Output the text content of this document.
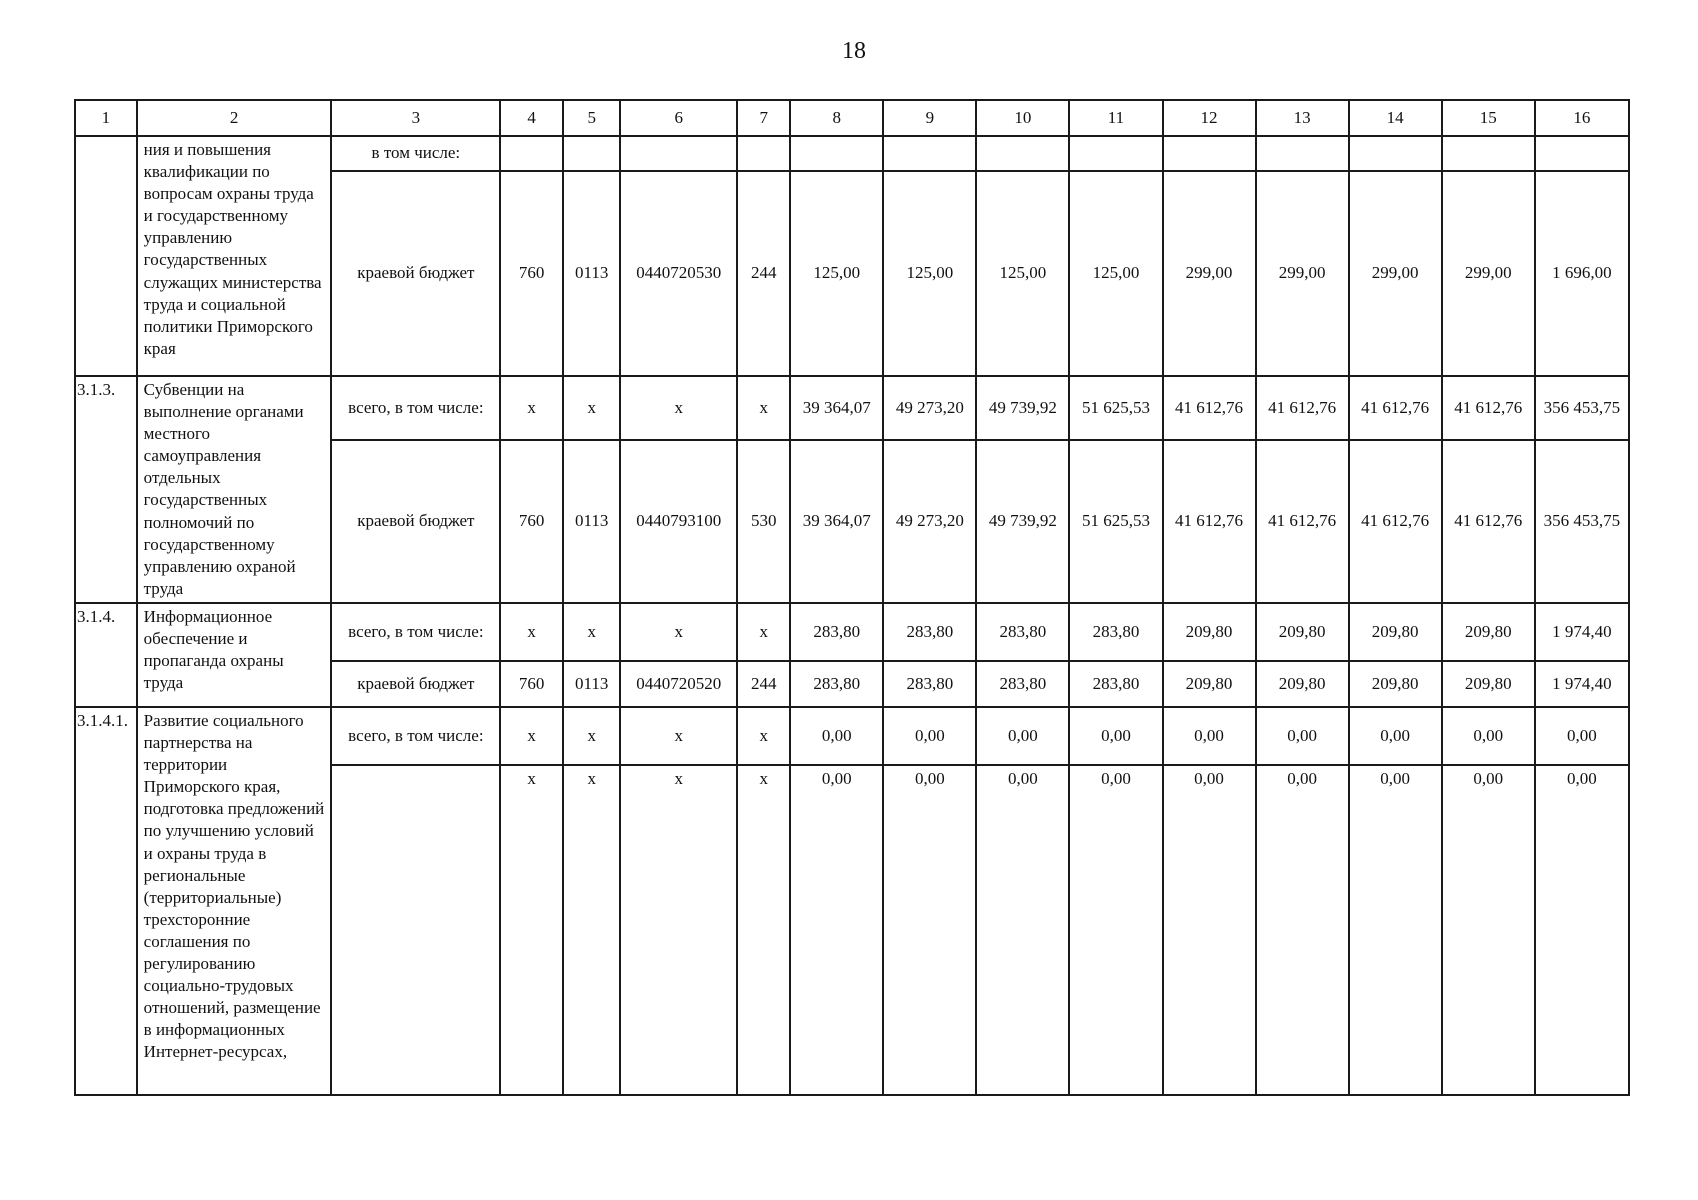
18
1	2	3	4	5	6	7	8	9	10	11	12	13	14	15	16
	ния и повышения квалификации по вопросам охраны труда и государственному управлению государственных служащих министерства труда и социальной политики Приморского края	в том числе:													
		краевой бюджет	760	0113	0440720530	244	125,00	125,00	125,00	125,00	299,00	299,00	299,00	299,00	1 696,00
3.1.3.	Субвенции на выполнение органами местного самоуправления отдельных государственных полномочий по государственному управлению охраной труда	всего, в том числе:	х	х	х	х	39 364,07	49 273,20	49 739,92	51 625,53	41 612,76	41 612,76	41 612,76	41 612,76	356 453,75
		краевой бюджет	760	0113	0440793100	530	39 364,07	49 273,20	49 739,92	51 625,53	41 612,76	41 612,76	41 612,76	41 612,76	356 453,75
3.1.4.	Информационное обеспечение и пропаганда охраны труда	всего, в том числе:	х	х	х	х	283,80	283,80	283,80	283,80	209,80	209,80	209,80	209,80	1 974,40
		краевой бюджет	760	0113	0440720520	244	283,80	283,80	283,80	283,80	209,80	209,80	209,80	209,80	1 974,40
3.1.4.1.	Развитие социального партнерства на территории Приморского края, подготовка предложений по улучшению условий и охраны труда в региональные (территориальные) трехсторонние соглашения по регулированию социально-трудовых отношений, размещение в информационных Интернет-ресурсах,	всего, в том числе:	х	х	х	х	0,00	0,00	0,00	0,00	0,00	0,00	0,00	0,00	0,00
			х	х	х	х	0,00	0,00	0,00	0,00	0,00	0,00	0,00	0,00	0,00
